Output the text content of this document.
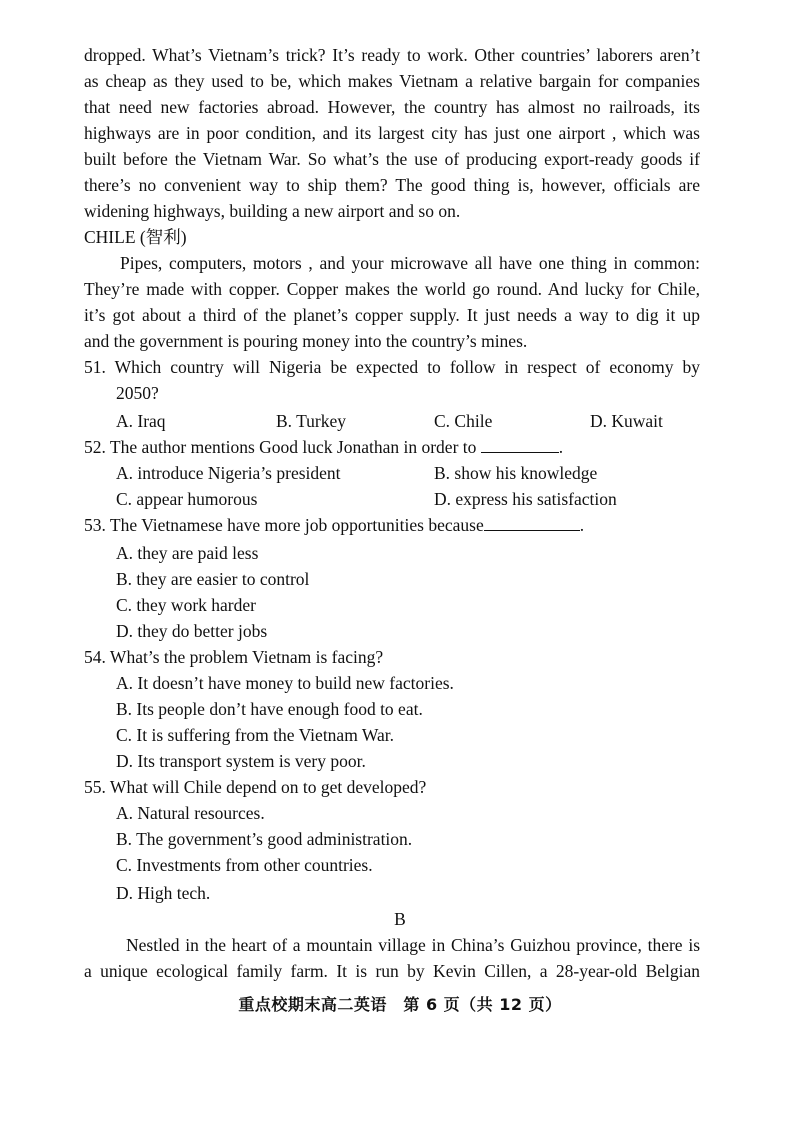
dropped. What’s Vietnam’s trick? It’s ready to work. Other countries’ laborers aren’t
as cheap as they used to be, which makes Vietnam a relative bargain for companies
that need new factories abroad. However, the country has almost no railroads, its
highways are in poor condition, and its largest city has just one airport , which was
built before the Vietnam War. So what’s the use of producing export-ready goods if
there’s no convenient way to ship them? The good thing is, however, officials are
widening highways, building a new airport and so on.
CHILE (智利)
Pipes, computers, motors , and your microwave all have one thing in common:
They’re made with copper. Copper makes the world go round. And lucky for Chile,
it’s got about a third of the planet’s copper supply. It just needs a way to dig it up
and the government is pouring money into the country’s mines.
51. Which country will Nigeria be expected to follow in respect of economy by
2050?
A. Iraq	B. Turkey	C. Chile	D. Kuwait
52. The author mentions Good luck Jonathan in order to	.
A. introduce Nigeria’s president	B. show his knowledge
C. appear humorous	D. express his satisfaction
53. The Vietnamese have more job opportunities because	.
A. they are paid less
B. they are easier to control
C. they work harder
D. they do better jobs
54. What’s the problem Vietnam is facing?
A. It doesn’t have money to build new factories.
B. Its people don’t have enough food to eat.
C. It is suffering from the Vietnam War.
D. Its transport system is very poor.
55. What will Chile depend on to get developed?
A. Natural resources.
B. The government’s good administration.
C. Investments from other countries.
D. High tech.
B
Nestled in the heart of a mountain village in China’s Guizhou province, there is
a unique ecological family farm. It is run by Kevin Cillen, a 28-year-old Belgian
重点校期末高二英语　第 6 页（共 12 页）
